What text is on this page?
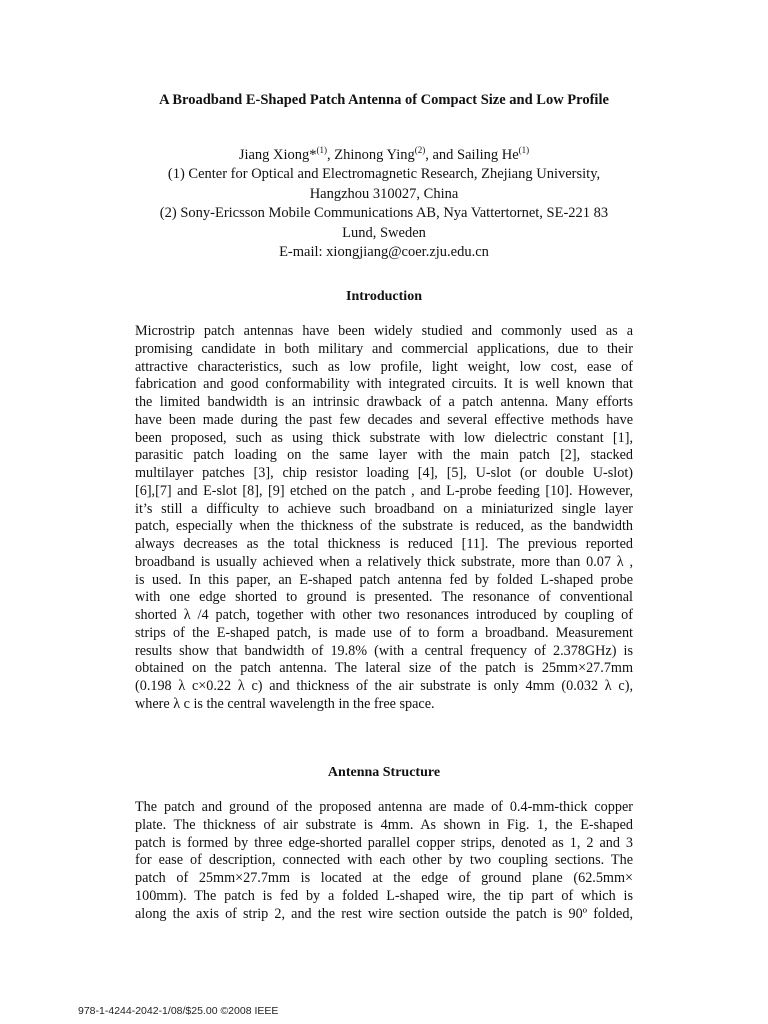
A Broadband E-Shaped Patch Antenna of Compact Size and Low Profile
Jiang Xiong*$^{(1)}$, Zhinong Ying$^{(2)}$, and Sailing He$^{(1)}$
(1) Center for Optical and Electromagnetic Research, Zhejiang University,
Hangzhou 310027, China
(2) Sony-Ericsson Mobile Communications AB, Nya Vattertornet, SE-221 83
Lund, Sweden
E-mail: xiongjiang@coer.zju.edu.cn
Introduction
Microstrip patch antennas have been widely studied and commonly used as a
promising candidate in both military and commercial applications, due to their
attractive characteristics, such as low profile, light weight, low cost, ease of
fabrication and good conformability with integrated circuits. It is well known that
the limited bandwidth is an intrinsic drawback of a patch antenna. Many efforts
have been made during the past few decades and several effective methods have
been proposed, such as using thick substrate with low dielectric constant [1],
parasitic patch loading on the same layer with the main patch [2], stacked
multilayer patches [3], chip resistor loading [4], [5], U-slot (or double U-slot)
[6],[7] and E-slot [8], [9] etched on the patch , and L-probe feeding [10]. However,
it’s still a difficulty to achieve such broadband on a miniaturized single layer
patch, especially when the thickness of the substrate is reduced, as the bandwidth
always decreases as the total thickness is reduced [11]. The previous reported
broadband is usually achieved when a relatively thick substrate, more than 0.07 λ ,
is used. In this paper, an E-shaped patch antenna fed by folded L-shaped probe
with one edge shorted to ground is presented. The resonance of conventional
shorted λ /4 patch, together with other two resonances introduced by coupling of
strips of the E-shaped patch, is made use of to form a broadband. Measurement
results show that bandwidth of 19.8% (with a central frequency of 2.378GHz) is
obtained on the patch antenna. The lateral size of the patch is 25mm×27.7mm
(0.198 λ c×0.22 λ c) and thickness of the air substrate is only 4mm (0.032 λ c),
where λ c is the central wavelength in the free space.
Antenna Structure
The patch and ground of the proposed antenna are made of 0.4-mm-thick copper
plate. The thickness of air substrate is 4mm. As shown in Fig. 1, the E-shaped
patch is formed by three edge-shorted parallel copper strips, denoted as 1, 2 and 3
for ease of description, connected with each other by two coupling sections. The
patch of 25mm×27.7mm is located at the edge of ground plane (62.5mm×
100mm). The patch is fed by a folded L-shaped wire, the tip part of which is
along the axis of strip 2, and the rest wire section outside the patch is 90º folded,
978-1-4244-2042-1/08/$25.00 ©2008 IEEE
